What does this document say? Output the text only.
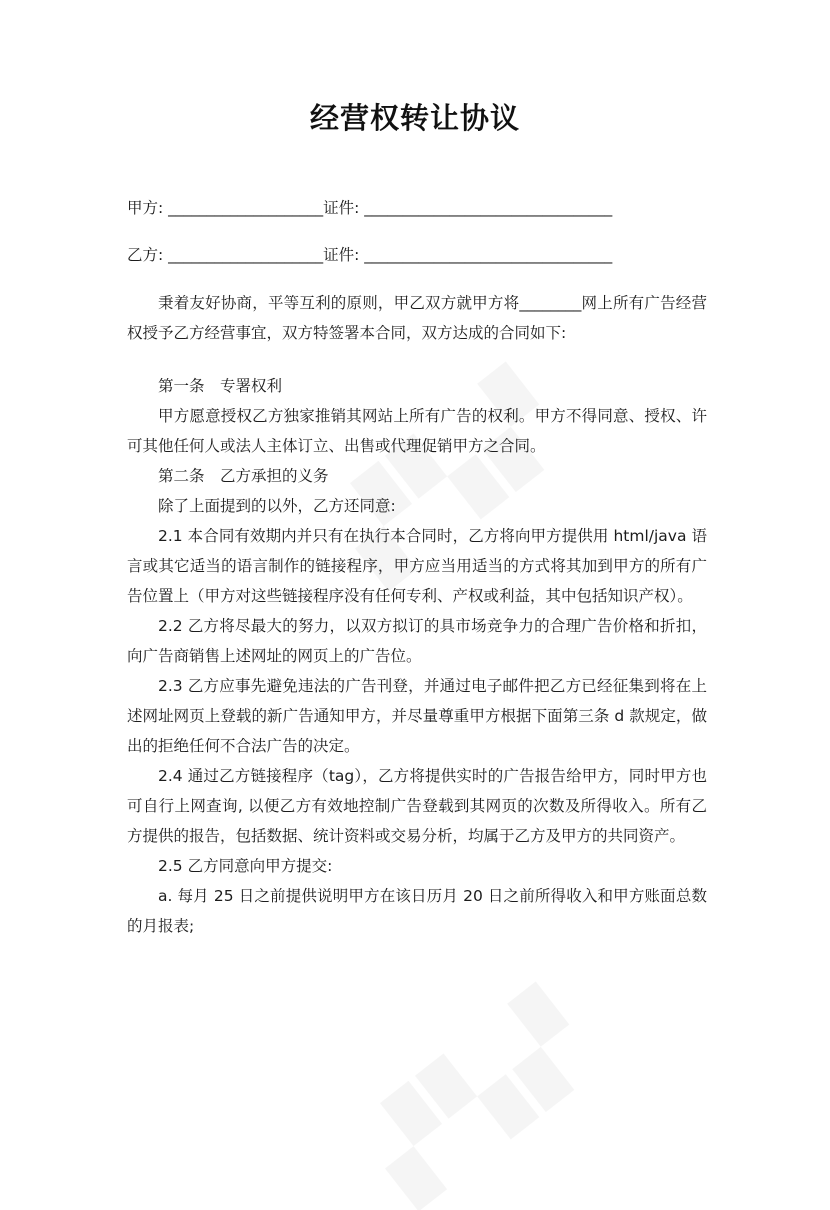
经营权转让协议
甲方: ____________________证件: ________________________________
乙方: ____________________证件: ________________________________

秉着友好协商，平等互利的原则，甲乙双方就甲方将________网上所有广告经营权授予乙方经营事宜，双方特签署本合同，双方达成的合同如下:

第一条　专署权利

甲方愿意授权乙方独家推销其网站上所有广告的权利。甲方不得同意、授权、许可其他任何人或法人主体订立、出售或代理促销甲方之合同。

第二条　乙方承担的义务

除了上面提到的以外，乙方还同意:

2.1 本合同有效期内并只有在执行本合同时，乙方将向甲方提供用 html/java 语言或其它适当的语言制作的链接程序，甲方应当用适当的方式将其加到甲方的所有广告位置上（甲方对这些链接程序没有任何专利、产权或利益，其中包括知识产权）。

2.2 乙方将尽最大的努力，以双方拟订的具市场竞争力的合理广告价格和折扣，向广告商销售上述网址的网页上的广告位。

2.3 乙方应事先避免违法的广告刊登，并通过电子邮件把乙方已经征集到将在上述网址网页上登载的新广告通知甲方，并尽量尊重甲方根据下面第三条 d 款规定，做出的拒绝任何不合法广告的决定。

2.4 通过乙方链接程序（tag），乙方将提供实时的广告报告给甲方，同时甲方也可自行上网查询, 以便乙方有效地控制广告登载到其网页的次数及所得收入。所有乙方提供的报告，包括数据、统计资料或交易分析，均属于乙方及甲方的共同资产。

2.5 乙方同意向甲方提交:

a. 每月 25 日之前提供说明甲方在该日历月 20 日之前所得收入和甲方账面总数的月报表;
